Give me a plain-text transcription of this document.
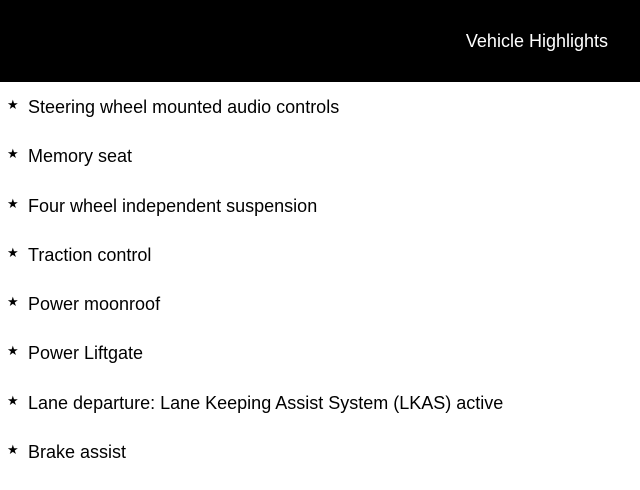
Vehicle Highlights
★ Steering wheel mounted audio controls
★ Memory seat
★ Four wheel independent suspension
★ Traction control
★ Power moonroof
★ Power Liftgate
★ Lane departure: Lane Keeping Assist System (LKAS) active
★ Brake assist
